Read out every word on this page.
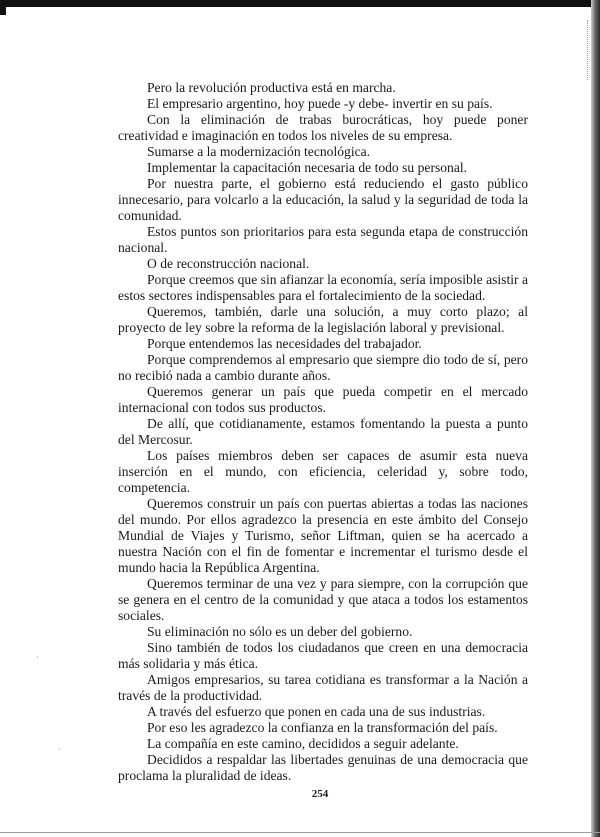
·
·

Pero la revolución productiva está en marcha.

El empresario argentino, hoy puede -y debe- invertir en su país.

Con la eliminación de trabas burocráticas, hoy puede poner creatividad e imaginación en todos los niveles de su empresa.

Sumarse a la modernización tecnológica.

Implementar la capacitación necesaria de todo su personal.

Por nuestra parte, el gobierno está reduciendo el gasto público innecesario, para volcarlo a la educación, la salud y la seguridad de toda la comunidad.

Estos puntos son prioritarios para esta segunda etapa de construcción nacional.

O de reconstrucción nacional.

Porque creemos que sin afianzar la economía, sería imposible asistir a estos sectores indispensables para el fortalecimiento de la sociedad.

Queremos, también, darle una solución, a muy corto plazo; al proyecto de ley sobre la reforma de la legislación laboral y previsional.

Porque entendemos las necesidades del trabajador.

Porque comprendemos al empresario que siempre dio todo de sí, pero no recibió nada a cambio durante años.

Queremos generar un país que pueda competir en el mercado internacional con todos sus productos.

De allí, que cotidianamente, estamos fomentando la puesta a punto del Mercosur.

Los países miembros deben ser capaces de asumir esta nueva inserción en el mundo, con eficiencia, celeridad y, sobre todo, competencia.

Queremos construir un país con puertas abiertas a todas las naciones del mundo. Por ellos agradezco la presencia en este ámbito del Consejo Mundial de Viajes y Turismo, señor Liftman, quien se ha acercado a nuestra Nación con el fin de fomentar e incrementar el turismo desde el mundo hacia la República Argentina.

Queremos terminar de una vez y para siempre, con la corrupción que se genera en el centro de la comunidad y que ataca a todos los estamentos sociales.

Su eliminación no sólo es un deber del gobierno.

Sino también de todos los ciudadanos que creen en una democracia más solidaria y más ética.

Amigos empresarios, su tarea cotidiana es transformar a la Nación a través de la productividad.

A través del esfuerzo que ponen en cada una de sus industrias.

Por eso les agradezco la confianza en la transformación del país.

La compañía en este camino, decididos a seguir adelante.

Decididos a respaldar las libertades genuinas de una democracia que proclama la pluralidad de ideas.

254
